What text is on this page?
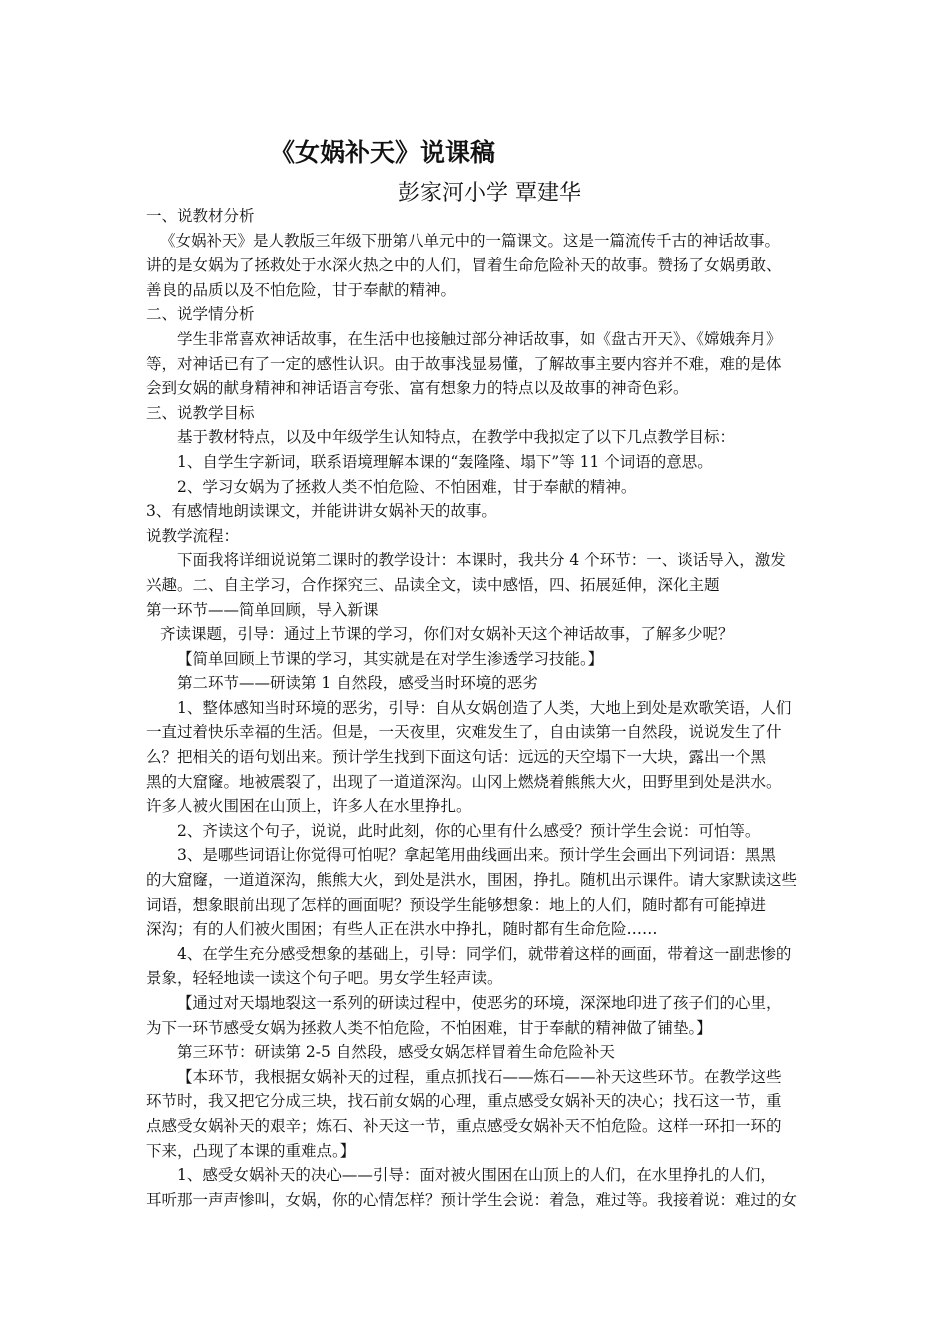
《女娲补天》说课稿
彭家河小学 覃建华
一、说教材分析
《女娲补天》是人教版三年级下册第八单元中的一篇课文。这是一篇流传千古的神话故事。
讲的是女娲为了拯救处于水深火热之中的人们，冒着生命危险补天的故事。赞扬了女娲勇敢、
善良的品质以及不怕危险，甘于奉献的精神。
二、说学情分析
学生非常喜欢神话故事，在生活中也接触过部分神话故事，如《盘古开天》、《嫦娥奔月》
等，对神话已有了一定的感性认识。由于故事浅显易懂，了解故事主要内容并不难，难的是体
会到女娲的献身精神和神话语言夸张、富有想象力的特点以及故事的神奇色彩。
三、说教学目标
基于教材特点，以及中年级学生认知特点，在教学中我拟定了以下几点教学目标：
1、自学生字新词，联系语境理解本课的“轰隆隆、塌下”等 11 个词语的意思。
2、学习女娲为了拯救人类不怕危险、不怕困难，甘于奉献的精神。
3、有感情地朗读课文，并能讲讲女娲补天的故事。
说教学流程：
下面我将详细说说第二课时的教学设计：本课时，我共分 4 个环节：一、谈话导入，激发
兴趣。二、自主学习，合作探究三、品读全文，读中感悟，四、拓展延伸，深化主题
第一环节——简单回顾，导入新课
齐读课题，引导：通过上节课的学习，你们对女娲补天这个神话故事，了解多少呢？
【简单回顾上节课的学习，其实就是在对学生渗透学习技能。】
第二环节——研读第 1 自然段，感受当时环境的恶劣
1、整体感知当时环境的恶劣，引导：自从女娲创造了人类，大地上到处是欢歌笑语，人们
一直过着快乐幸福的生活。但是，一天夜里，灾难发生了，自由读第一自然段，说说发生了什
么？把相关的语句划出来。预计学生找到下面这句话：远远的天空塌下一大块，露出一个黑
黑的大窟窿。地被震裂了，出现了一道道深沟。山冈上燃烧着熊熊大火，田野里到处是洪水。
许多人被火围困在山顶上，许多人在水里挣扎。
2、齐读这个句子，说说，此时此刻，你的心里有什么感受？预计学生会说：可怕等。
3、是哪些词语让你觉得可怕呢？拿起笔用曲线画出来。预计学生会画出下列词语：黑黑
的大窟窿，一道道深沟，熊熊大火，到处是洪水，围困，挣扎。随机出示课件。请大家默读这些
词语，想象眼前出现了怎样的画面呢？预设学生能够想象：地上的人们，随时都有可能掉进
深沟；有的人们被火围困；有些人正在洪水中挣扎，随时都有生命危险……
4、在学生充分感受想象的基础上，引导：同学们，就带着这样的画面，带着这一副悲惨的
景象，轻轻地读一读这个句子吧。男女学生轻声读。
【通过对天塌地裂这一系列的研读过程中，使恶劣的环境，深深地印进了孩子们的心里，
为下一环节感受女娲为拯救人类不怕危险，不怕困难，甘于奉献的精神做了铺垫。】
第三环节：研读第 2-5 自然段，感受女娲怎样冒着生命危险补天
【本环节，我根据女娲补天的过程，重点抓找石——炼石——补天这些环节。在教学这些
环节时，我又把它分成三块，找石前女娲的心理，重点感受女娲补天的决心；找石这一节，重
点感受女娲补天的艰辛；炼石、补天这一节，重点感受女娲补天不怕危险。这样一环扣一环的
下来，凸现了本课的重难点。】
1、感受女娲补天的决心——引导：面对被火围困在山顶上的人们，在水里挣扎的人们，
耳听那一声声惨叫，女娲，你的心情怎样？预计学生会说：着急，难过等。我接着说：难过的女
